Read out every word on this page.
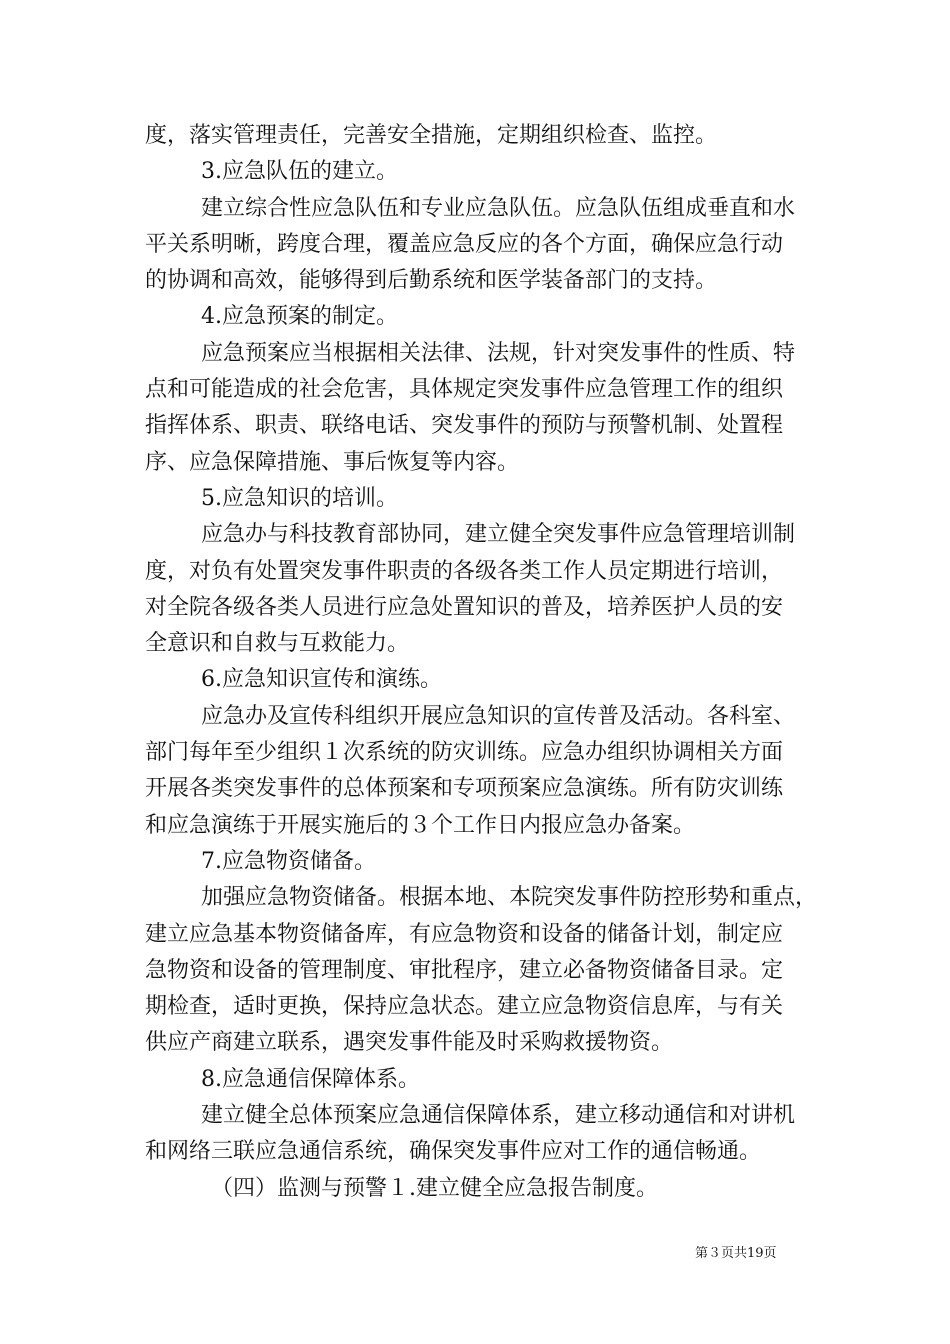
度，落实管理责任，完善安全措施，定期组织检查、监控。
3.应急队伍的建立。
建立综合性应急队伍和专业应急队伍。应急队伍组成垂直和水
平关系明晰，跨度合理，覆盖应急反应的各个方面，确保应急行动
的协调和高效，能够得到后勤系统和医学装备部门的支持。
4.应急预案的制定。
应急预案应当根据相关法律、法规，针对突发事件的性质、特
点和可能造成的社会危害，具体规定突发事件应急管理工作的组织
指挥体系、职责、联络电话、突发事件的预防与预警机制、处置程
序、应急保障措施、事后恢复等内容。
5.应急知识的培训。
应急办与科技教育部协同，建立健全突发事件应急管理培训制
度，对负有处置突发事件职责的各级各类工作人员定期进行培训，
对全院各级各类人员进行应急处置知识的普及，培养医护人员的安
全意识和自救与互救能力。
6.应急知识宣传和演练。
应急办及宣传科组织开展应急知识的宣传普及活动。各科室、
部门每年至少组织１次系统的防灾训练。应急办组织协调相关方面
开展各类突发事件的总体预案和专项预案应急演练。所有防灾训练
和应急演练于开展实施后的３个工作日内报应急办备案。
7.应急物资储备。
加强应急物资储备。根据本地、本院突发事件防控形势和重点，
建立应急基本物资储备库，有应急物资和设备的储备计划，制定应
急物资和设备的管理制度、审批程序，建立必备物资储备目录。定
期检查，适时更换，保持应急状态。建立应急物资信息库，与有关
供应产商建立联系，遇突发事件能及时采购救援物资。
8.应急通信保障体系。
建立健全总体预案应急通信保障体系，建立移动通信和对讲机
和网络三联应急通信系统，确保突发事件应对工作的通信畅通。
（四）监测与预警１.建立健全应急报告制度。
第３页共19页
